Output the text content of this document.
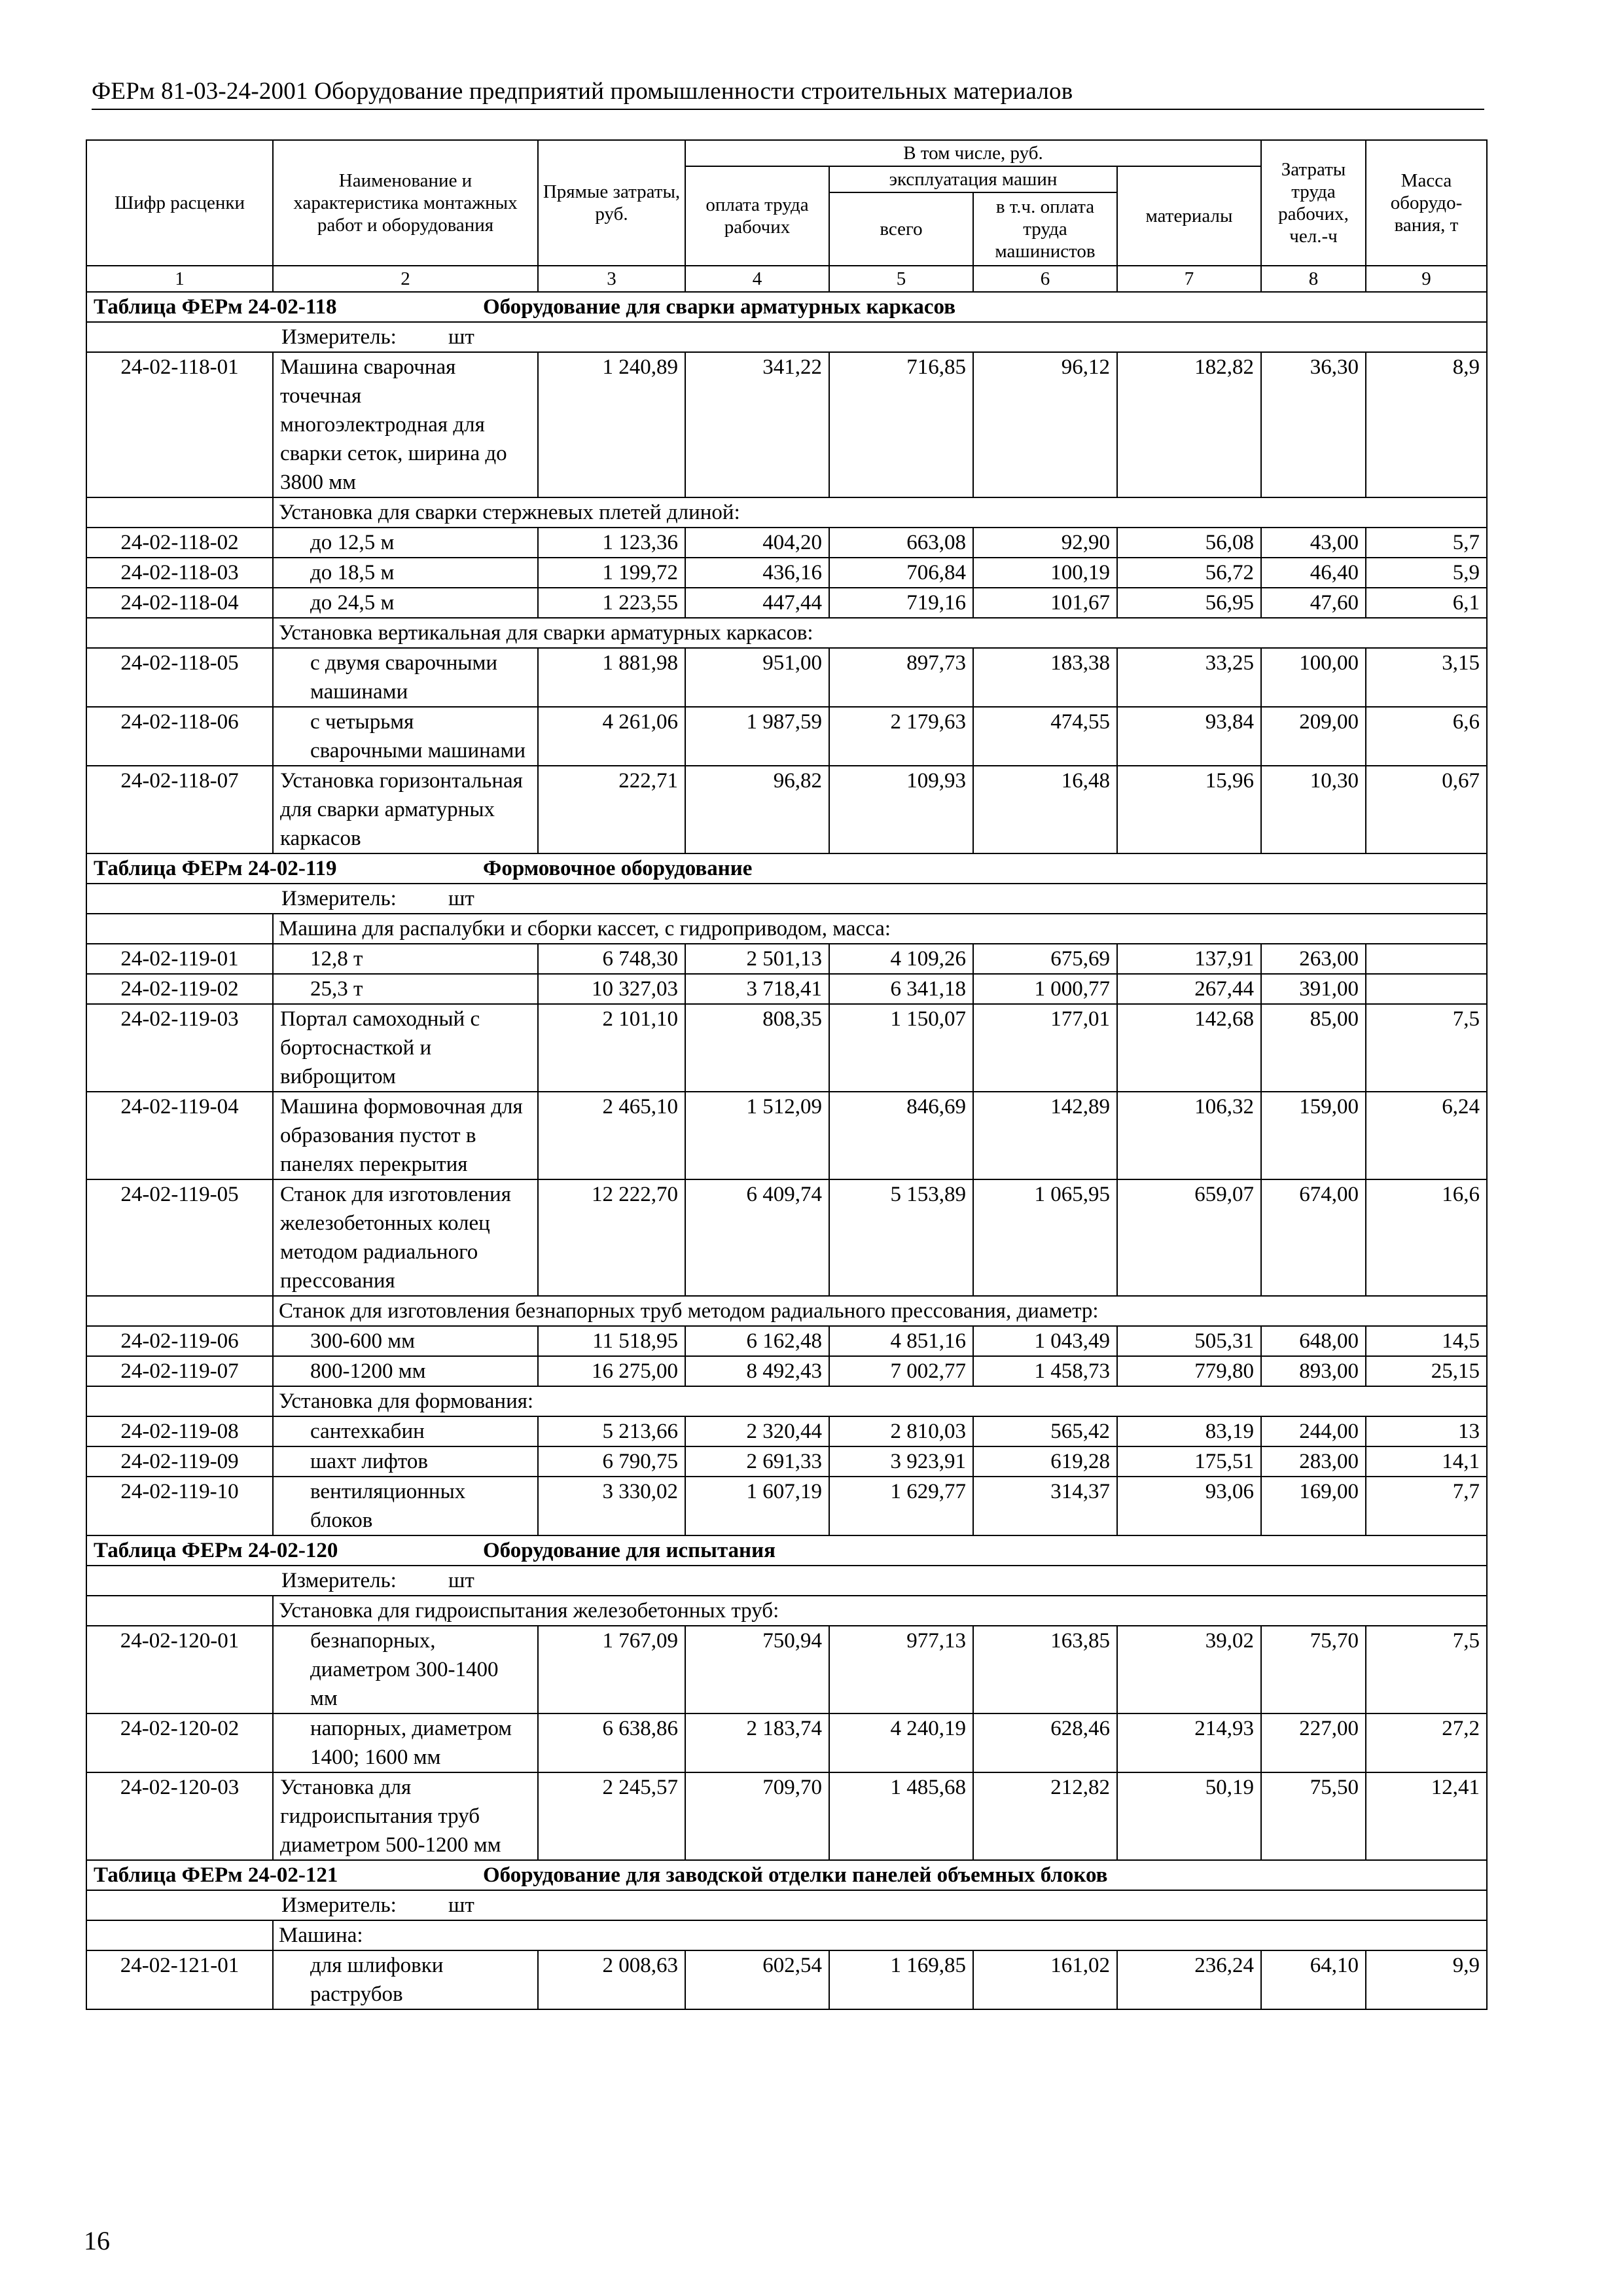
ФЕРм 81-03-24-2001 Оборудование предприятий промышленности строительных материалов
Шифр расценки	Наименование и характеристика монтажных работ и оборудования	Прямые затраты, руб.	В том числе, руб.				Затраты труда рабочих, чел.-ч	Масса оборудо-вания, т
			оплата труда рабочих	эксплуатация машин		материалы		
				всего	в т.ч. оплата труда машинистов			
1	2	3	4	5	6	7	8	9
Таблица ФЕРм 24-02-118 Оборудование для сварки арматурных каркасов								
Измеритель: шт								
24-02-118-01	Машина сварочная точечная многоэлектродная для сварки сеток, ширина до 3800 мм	1 240,89	341,22	716,85	96,12	182,82	36,30	8,9
	Установка для сварки стержневых плетей длиной:							
24-02-118-02	до 12,5 м	1 123,36	404,20	663,08	92,90	56,08	43,00	5,7
24-02-118-03	до 18,5 м	1 199,72	436,16	706,84	100,19	56,72	46,40	5,9
24-02-118-04	до 24,5 м	1 223,55	447,44	719,16	101,67	56,95	47,60	6,1
	Установка вертикальная для сварки арматурных каркасов:							
24-02-118-05	с двумя сварочными машинами	1 881,98	951,00	897,73	183,38	33,25	100,00	3,15
24-02-118-06	с четырьмя сварочными машинами	4 261,06	1 987,59	2 179,63	474,55	93,84	209,00	6,6
24-02-118-07	Установка горизонтальная для сварки арматурных каркасов	222,71	96,82	109,93	16,48	15,96	10,30	0,67
Таблица ФЕРм 24-02-119 Формовочное оборудование								
Измеритель: шт								
	Машина для распалубки и сборки кассет, с гидроприводом, масса:							
24-02-119-01	12,8 т	6 748,30	2 501,13	4 109,26	675,69	137,91	263,00	
24-02-119-02	25,3 т	10 327,03	3 718,41	6 341,18	1 000,77	267,44	391,00	
24-02-119-03	Портал самоходный с бортоснасткой и виброщитом	2 101,10	808,35	1 150,07	177,01	142,68	85,00	7,5
24-02-119-04	Машина формовочная для образования пустот в панелях перекрытия	2 465,10	1 512,09	846,69	142,89	106,32	159,00	6,24
24-02-119-05	Станок для изготовления железобетонных колец методом радиального прессования	12 222,70	6 409,74	5 153,89	1 065,95	659,07	674,00	16,6
	Станок для изготовления безнапорных труб методом радиального прессования, диаметр:							
24-02-119-06	300-600 мм	11 518,95	6 162,48	4 851,16	1 043,49	505,31	648,00	14,5
24-02-119-07	800-1200 мм	16 275,00	8 492,43	7 002,77	1 458,73	779,80	893,00	25,15
	Установка для формования:							
24-02-119-08	сантехкабин	5 213,66	2 320,44	2 810,03	565,42	83,19	244,00	13
24-02-119-09	шахт лифтов	6 790,75	2 691,33	3 923,91	619,28	175,51	283,00	14,1
24-02-119-10	вентиляционных блоков	3 330,02	1 607,19	1 629,77	314,37	93,06	169,00	7,7
Таблица ФЕРм 24-02-120 Оборудование для испытания								
Измеритель: шт								
	Установка для гидроиспытания железобетонных труб:							
24-02-120-01	безнапорных, диаметром 300-1400 мм	1 767,09	750,94	977,13	163,85	39,02	75,70	7,5
24-02-120-02	напорных, диаметром 1400; 1600 мм	6 638,86	2 183,74	4 240,19	628,46	214,93	227,00	27,2
24-02-120-03	Установка для гидроиспытания труб диаметром 500-1200 мм	2 245,57	709,70	1 485,68	212,82	50,19	75,50	12,41
Таблица ФЕРм 24-02-121 Оборудование для заводской отделки панелей объемных блоков								
Измеритель: шт								
	Машина:							
24-02-121-01	для шлифовки раструбов	2 008,63	602,54	1 169,85	161,02	236,24	64,10	9,9
16
